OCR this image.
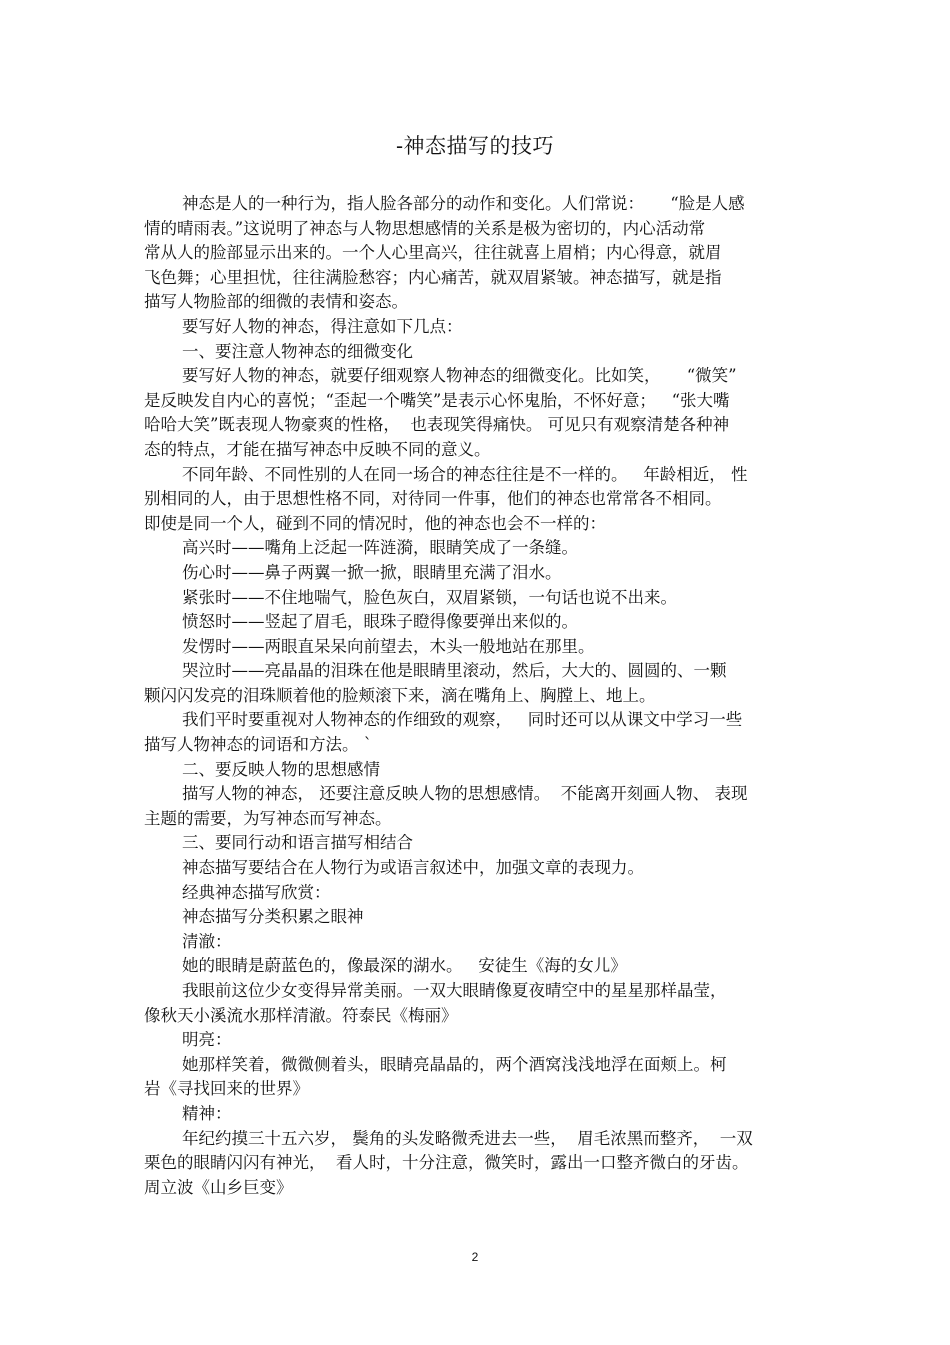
-神态描写的技巧
神态是人的一种行为，指人脸各部分的动作和变化。人们常说：     “脸是人感
情的晴雨表。”这说明了神态与人物思想感情的关系是极为密切的，内心活动常
常从人的脸部显示出来的。一个人心里高兴，往往就喜上眉梢；内心得意，就眉
飞色舞；心里担忧，往往满脸愁容；内心痛苦，就双眉紧皱。神态描写，就是指
描写人物脸部的细微的表情和姿态。
要写好人物的神态，得注意如下几点：
一、要注意人物神态的细微变化
要写好人物的神态，就要仔细观察人物神态的细微变化。比如笑，     “微笑”
是反映发自内心的喜悦；“歪起一个嘴笑”是表示心怀鬼胎，不怀好意；   “张大嘴
哈哈大笑”既表现人物豪爽的性格，  也表现笑得痛快。 可见只有观察清楚各种神
态的特点，才能在描写神态中反映不同的意义。
不同年龄、不同性别的人在同一场合的神态往往是不一样的。   年龄相近， 性
别相同的人，由于思想性格不同，对待同一件事，他们的神态也常常各不相同。
即使是同一个人，碰到不同的情况时，他的神态也会不一样的：
高兴时——嘴角上泛起一阵涟漪，眼睛笑成了一条缝。
伤心时——鼻子两翼一掀一掀，眼睛里充满了泪水。
紧张时——不住地喘气，脸色灰白，双眉紧锁，一句话也说不出来。
愤怒时——竖起了眉毛，眼珠子瞪得像要弹出来似的。
发愣时——两眼直呆呆向前望去，木头一般地站在那里。
哭泣时——亮晶晶的泪珠在他是眼睛里滚动，然后，大大的、圆圆的、一颗
颗闪闪发亮的泪珠顺着他的脸颊滚下来，滴在嘴角上、胸膛上、地上。
我们平时要重视对人物神态的作细致的观察，   同时还可以从课文中学习一些
描写人物神态的词语和方法。 `
二、要反映人物的思想感情
描写人物的神态， 还要注意反映人物的思想感情。  不能离开刻画人物、 表现
主题的需要，为写神态而写神态。
三、要同行动和语言描写相结合
神态描写要结合在人物行为或语言叙述中，加强文章的表现力。
经典神态描写欣赏：
神态描写分类积累之眼神
清澈：
她的眼睛是蔚蓝色的，像最深的湖水。   安徒生《海的女儿》
我眼前这位少女变得异常美丽。一双大眼睛像夏夜晴空中的星星那样晶莹，
像秋天小溪流水那样清澈。符泰民《梅丽》
明亮：
她那样笑着，微微侧着头，眼睛亮晶晶的，两个酒窝浅浅地浮在面颊上。柯
岩《寻找回来的世界》
精神：
年纪约摸三十五六岁， 鬓角的头发略微秃进去一些，  眉毛浓黑而整齐，  一双
栗色的眼睛闪闪有神光，  看人时，十分注意，微笑时，露出一口整齐微白的牙齿。
周立波《山乡巨变》
2
